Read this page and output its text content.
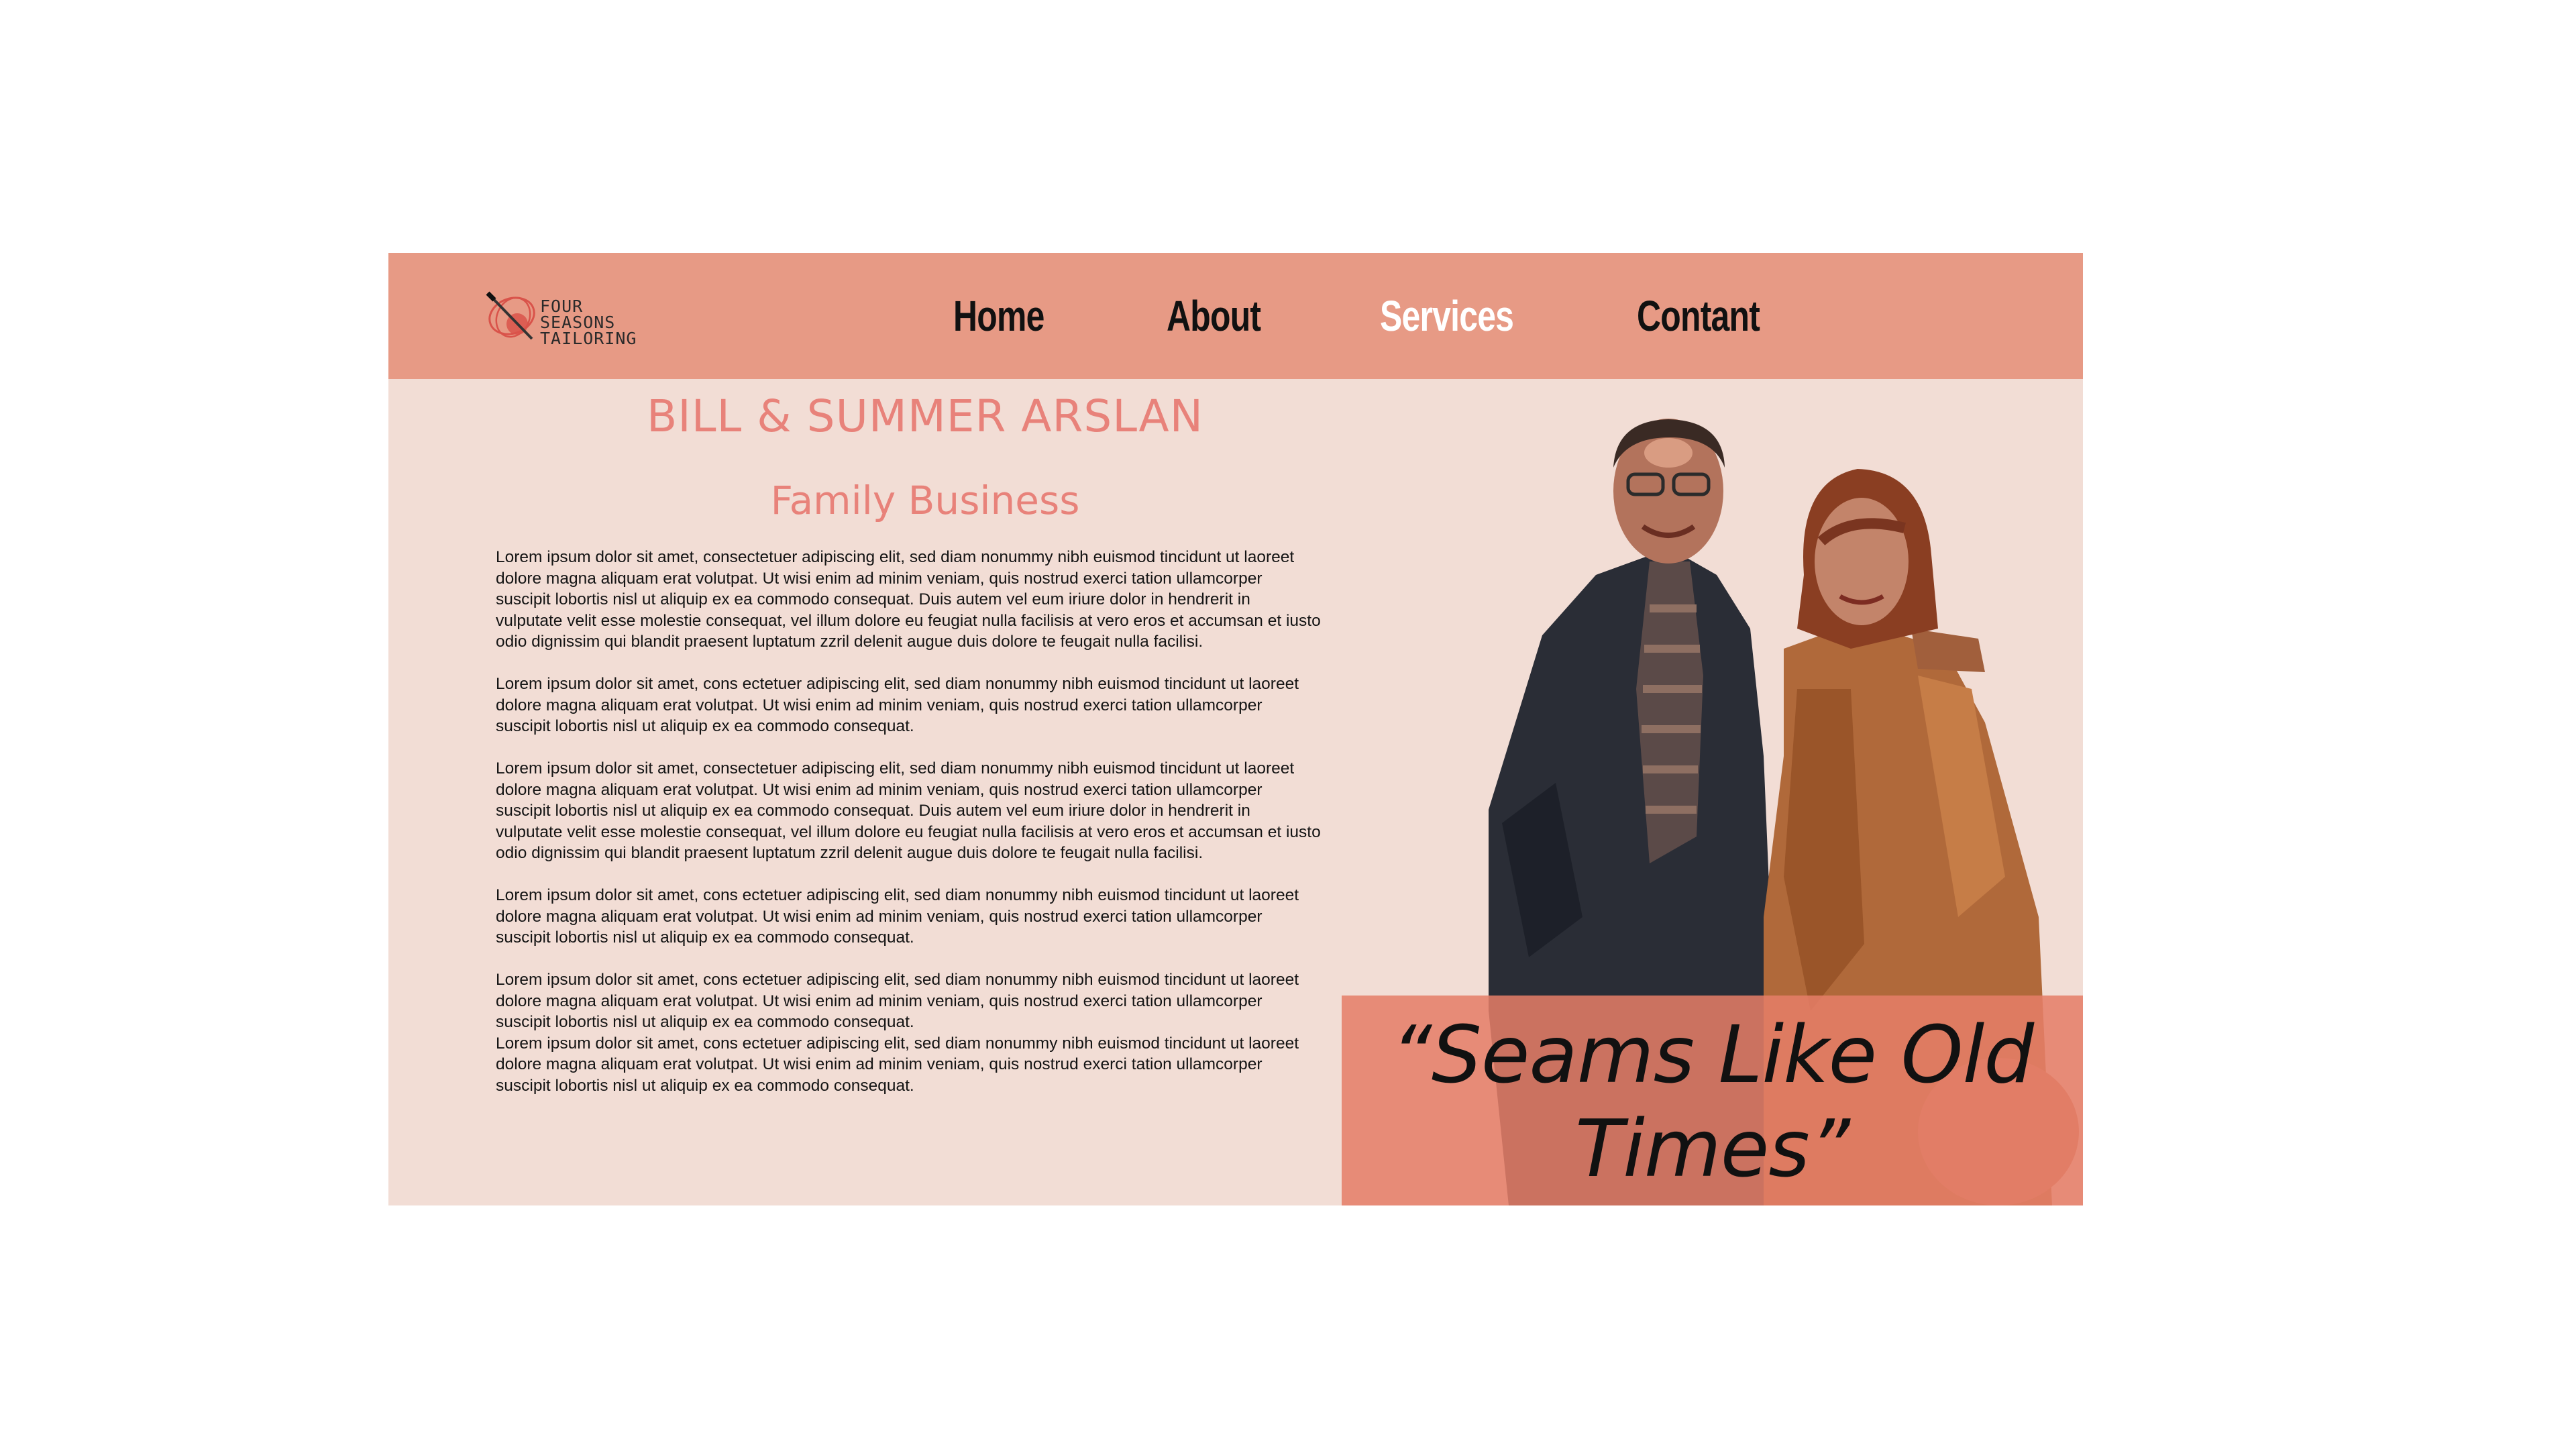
FOUR
SEASONS
TAILORING	Home	About	Services	Contant
BILL & SUMMER ARSLAN
Family Business

Lorem ipsum dolor sit amet, consectetuer adipiscing elit, sed diam nonummy nibh euismod tincidunt ut laoreet dolore magna aliquam erat volutpat. Ut wisi enim ad minim veniam, quis nostrud exerci tation ullamcorper suscipit lobortis nisl ut aliquip ex ea commodo consequat. Duis autem vel eum iriure dolor in hendrerit in vulputate velit esse molestie consequat, vel illum dolore eu feugiat nulla facilisis at vero eros et accumsan et iusto odio dignissim qui blandit praesent luptatum zzril delenit augue duis dolore te feugait nulla facilisi.

Lorem ipsum dolor sit amet, cons ectetuer adipiscing elit, sed diam nonummy nibh euismod tincidunt ut laoreet dolore magna aliquam erat volutpat. Ut wisi enim ad minim veniam, quis nostrud exerci tation ullamcorper suscipit lobortis nisl ut aliquip ex ea commodo consequat.

Lorem ipsum dolor sit amet, consectetuer adipiscing elit, sed diam nonummy nibh euismod tincidunt ut laoreet dolore magna aliquam erat volutpat. Ut wisi enim ad minim veniam, quis nostrud exerci tation ullamcorper suscipit lobortis nisl ut aliquip ex ea commodo consequat. Duis autem vel eum iriure dolor in hendrerit in vulputate velit esse molestie consequat, vel illum dolore eu feugiat nulla facilisis at vero eros et accumsan et iusto odio dignissim qui blandit praesent luptatum zzril delenit augue duis dolore te feugait nulla facilisi.

Lorem ipsum dolor sit amet, cons ectetuer adipiscing elit, sed diam nonummy nibh euismod tincidunt ut laoreet dolore magna aliquam erat volutpat. Ut wisi enim ad minim veniam, quis nostrud exerci tation ullamcorper suscipit lobortis nisl ut aliquip ex ea commodo consequat.

Lorem ipsum dolor sit amet, cons ectetuer adipiscing elit, sed diam nonummy nibh euismod tincidunt ut laoreet dolore magna aliquam erat volutpat. Ut wisi enim ad minim veniam, quis nostrud exerci tation ullamcorper suscipit lobortis nisl ut aliquip ex ea commodo consequat.

Lorem ipsum dolor sit amet, cons ectetuer adipiscing elit, sed diam nonummy nibh euismod tincidunt ut laoreet dolore magna aliquam erat volutpat. Ut wisi enim ad minim veniam, quis nostrud exerci tation ullamcorper suscipit lobortis nisl ut aliquip ex ea commodo consequat.	“Seams Like Old
Times”
